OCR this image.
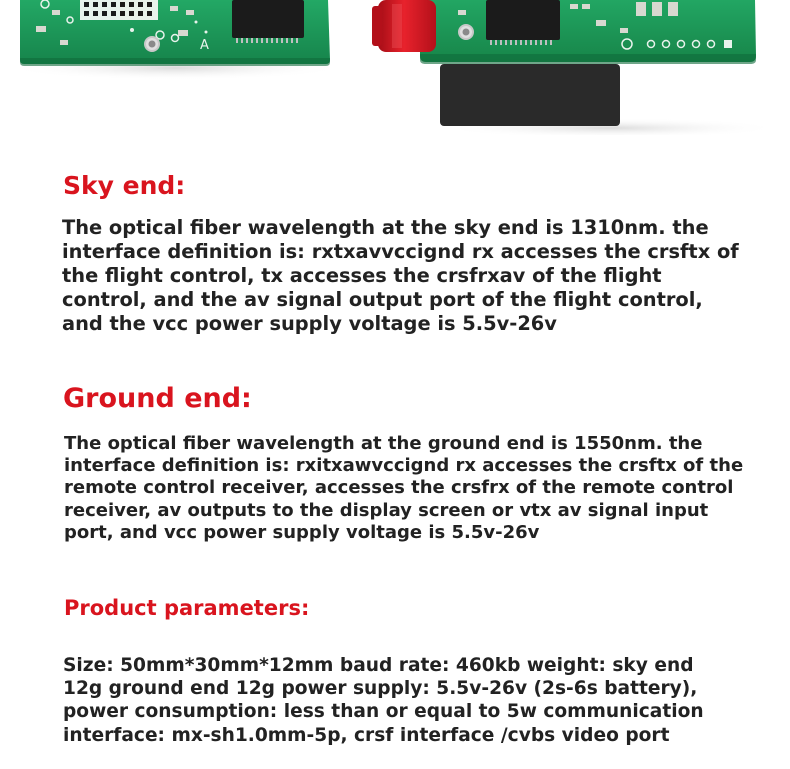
A
Sky end:
The optical fiber wavelength at the sky end is 1310nm. the
interface definition is: rxtxavvccignd rx accesses the crsftx of
the flight control, tx accesses the crsfrxav of the flight
control, and the av signal output port of the flight control,
and the vcc power supply voltage is 5.5v-26v
Ground end:
The optical fiber wavelength at the ground end is 1550nm. the
interface definition is: rxitxawvccignd rx accesses the crsftx of the
remote control receiver, accesses the crsfrx of the remote control
receiver, av outputs to the display screen or vtx av signal input
port, and vcc power supply voltage is 5.5v-26v
Product parameters:
Size: 50mm*30mm*12mm baud rate: 460kb weight: sky end
12g ground end 12g power supply: 5.5v-26v (2s-6s battery),
power consumption: less than or equal to 5w communication
interface: mx-sh1.0mm-5p, crsf interface /cvbs video port
